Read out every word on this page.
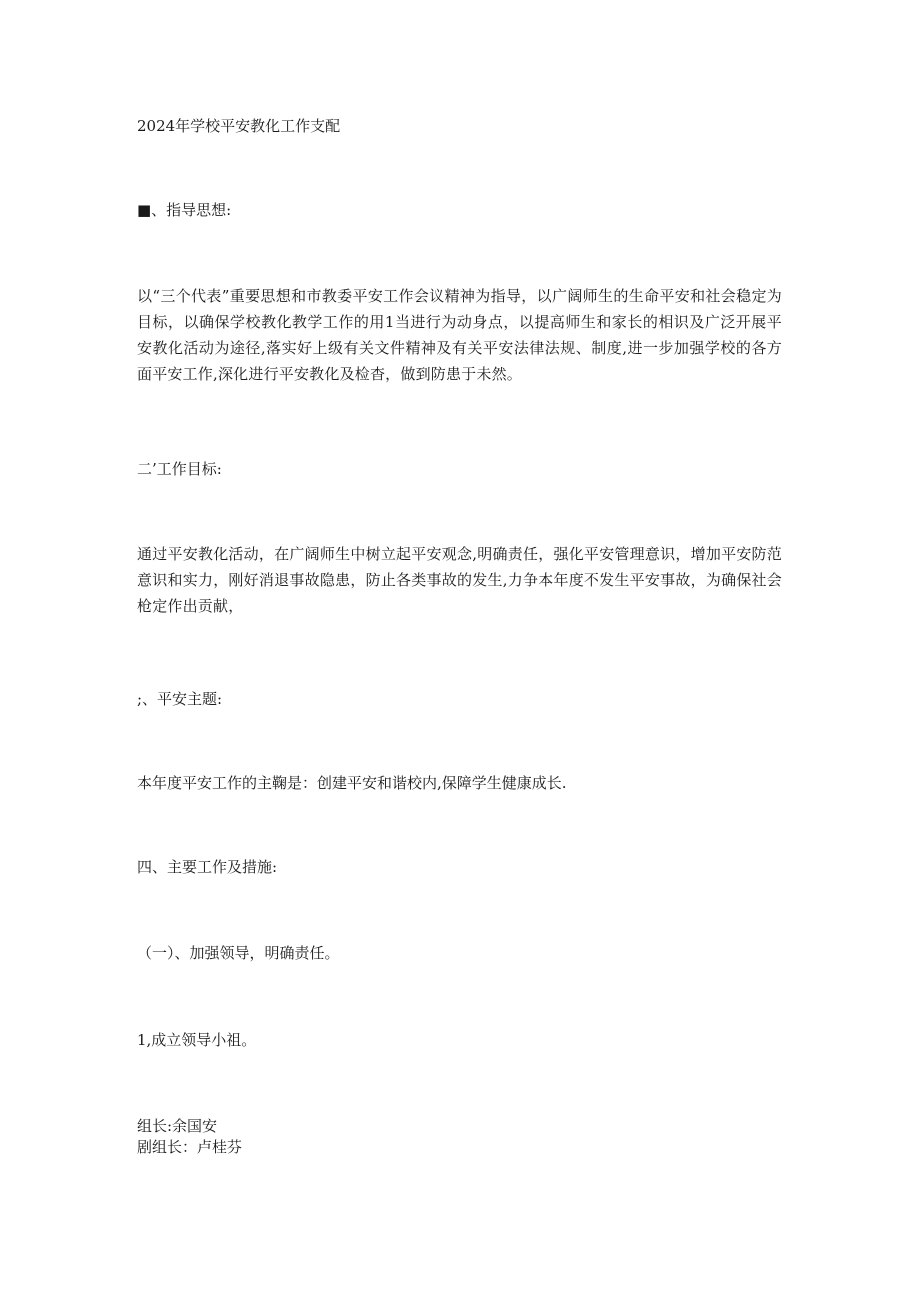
2024年学校平安教化工作支配

■、指导思想:

以“三个代表”重要思想和市教委平安工作会议精神为指导，以广阔师生的生命平安和社会稳定为目标，以确保学校教化教学工作的用1当进行为动身点，以提高师生和家长的相识及广泛开展平安教化活动为途径,落实好上级有关文件精神及有关平安法律法规、制度,进一步加强学校的各方面平安工作,深化进行平安教化及检杳，做到防患于未然。

二’工作目标:

通过平安教化活动，在广阔师生中树立起平安观念,明确责任，强化平安管理意识，增加平安防范意识和实力，刚好消退事故隐患，防止各类事故的发生,力争本年度不发生平安事故，为确保社会枪定作出贡献，

;、平安主题:

本年度平安工作的主鞠是：创建平安和谐校内,保障学生健康成长.

四、主要工作及措施:

（一）、加强领导，明确责任。

1,成立领导小祖。

组长:余国安

剧组长：卢桂芬
